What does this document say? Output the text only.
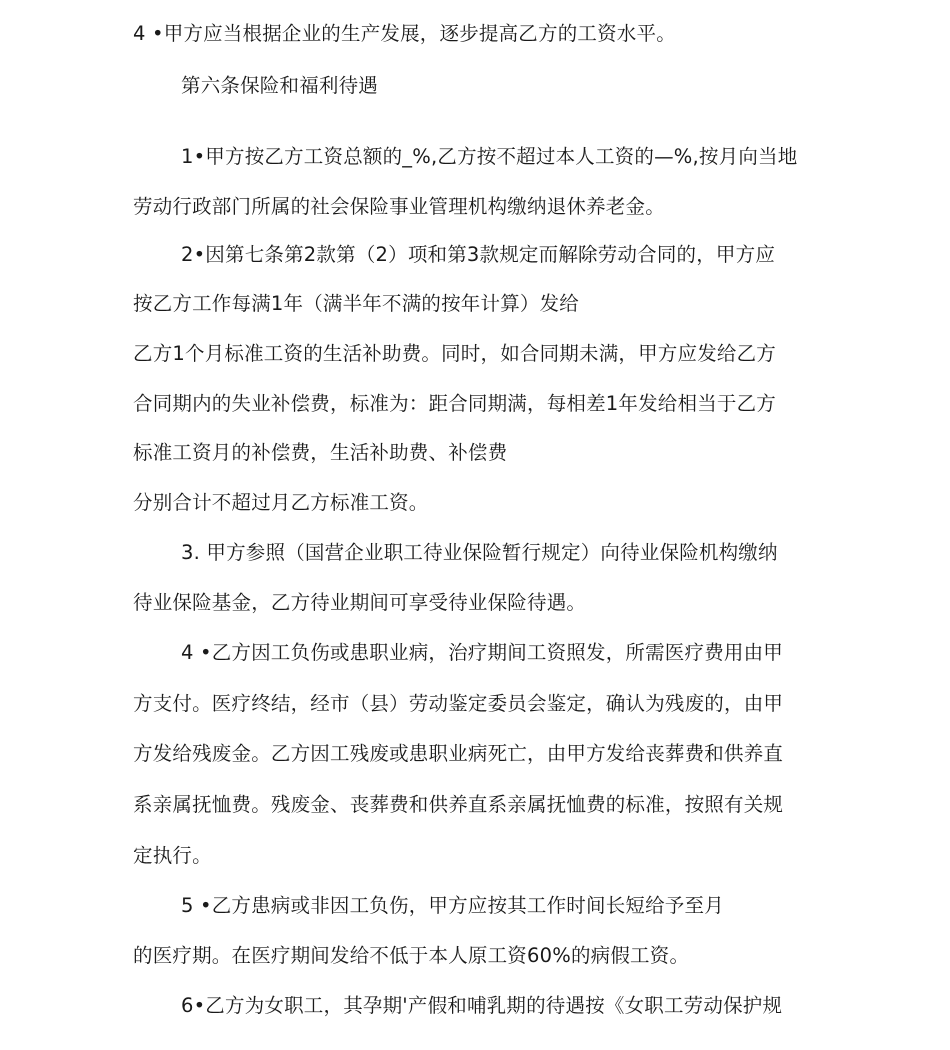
4 •甲方应当根据企业的生产发展，逐步提高乙方的工资水平。
第六条保险和福利待遇
1•甲方按乙方工资总额的_%,乙方按不超过本人工资的—%,按月向当地
劳动行政部门所属的社会保险事业管理机构缴纳退休养老金。
2•因第七条第2款第（2）项和第3款规定而解除劳动合同的，甲方应
按乙方工作每满1年（满半年不满的按年计算）发给
乙方1个月标准工资的生活补助费。同时，如合同期未满，甲方应发给乙方
合同期内的失业补偿费，标准为：距合同期满，每相差1年发给相当于乙方
标准工资月的补偿费，生活补助费、补偿费
分别合计不超过月乙方标准工资。
3. 甲方参照（国营企业职工待业保险暂行规定）向待业保险机构缴纳
待业保险基金，乙方待业期间可享受待业保险待遇。
4 •乙方因工负伤或患职业病，治疗期间工资照发，所需医疗费用由甲
方支付。医疗终结，经市（县）劳动鉴定委员会鉴定，确认为残废的，由甲
方发给残废金。乙方因工残废或患职业病死亡，由甲方发给丧葬费和供养直
系亲属抚恤费。残废金、丧葬费和供养直系亲属抚恤费的标准，按照有关规
定执行。
5 •乙方患病或非因工负伤，甲方应按其工作时间长短给予至月
的医疗期。在医疗期间发给不低于本人原工资60%的病假工资。
6•乙方为女职工，其孕期'产假和哺乳期的待遇按《女职工劳动保护规
